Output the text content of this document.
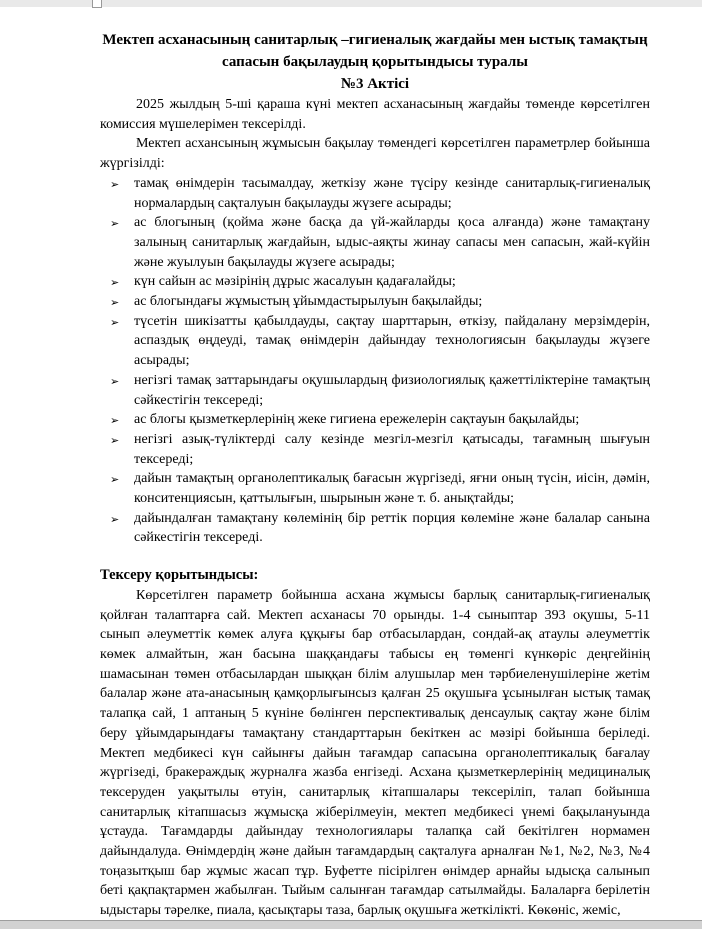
Мектеп асханасының санитарлық –гигиеналық жағдайы мен ыстық тамақтың сапасын бақылаудың қорытындысы туралы

№3 Актісі

2025 жылдың 5-ші қараша күні мектеп асханасының жағдайы төменде көрсетілген комиссия мүшелерімен тексерілді.

Мектеп асхансының жұмысын бақылау төмендегі көрсетілген параметрлер бойынша жүргізілді:

➢ тамақ өнімдерін тасымалдау, жеткізу және түсіру кезінде санитарлық-гигиеналық нормалардың сақталуын бақылауды жүзеге асырады;
➢ ас блогының (қойма және басқа да үй-жайларды қоса алғанда) және тамақтану залының санитарлық жағдайын, ыдыс-аяқты жинау сапасы мен сапасын, жай-күйін және жуылуын бақылауды жүзеге асырады;
➢ күн сайын ас мәзірінің дұрыс жасалуын қадағалайды;
➢ ас блогындағы жұмыстың ұйымдастырылуын бақылайды;
➢ түсетін шикізатты қабылдауды, сақтау шарттарын, өткізу, пайдалану мерзімдерін, аспаздық өңдеуді, тамақ өнімдерін дайындау технологиясын бақылауды жүзеге асырады;
➢ негізгі тамақ заттарындағы оқушылардың физиологиялық қажеттіліктеріне тамақтың сәйкестігін тексереді;
➢ ас блогы қызметкерлерінің жеке гигиена ережелерін сақтауын бақылайды;
➢ негізгі азық-түліктерді салу кезінде мезгіл-мезгіл қатысады, тағамның шығуын тексереді;
➢ дайын тамақтың органолептикалық бағасын жүргізеді, яғни оның түсін, иісін, дәмін, конситенциясын, қаттылығын, шырынын және т. б. анықтайды;
➢ дайындалған тамақтану көлемінің бір реттік порция көлеміне және балалар санына сәйкестігін тексереді.
Тексеру қорытындысы:

Көрсетілген параметр бойынша асхана жұмысы барлық санитарлық-гигиеналық қойлған талаптарға сай. Мектеп асханасы 70 орынды. 1-4 сыныптар 393 оқушы, 5-11 сынып әлеуметтік көмек алуға құқығы бар отбасылардан, сондай-ақ атаулы әлеуметтік көмек алмайтын, жан басына шаққандағы табысы ең төменгі күнкөріс деңгейінің шамасынан төмен отбасылардан шыққан білім алушылар мен тәрбиеленушілеріне жетім балалар және ата-анасының қамқорлығынсыз қалған 25 оқушыға ұсынылған ыстық тамақ талапқа сай, 1 аптаның 5 күніне бөлінген перспективалық денсаулық сақтау және білім беру ұйымдарындағы тамақтану стандарттарын бекіткен ас мәзірі бойынша беріледі. Мектеп медбикесі күн сайынғы дайын тағамдар сапасына органолептикалық бағалау жүргізеді, бракераждық журналға жазба енгізеді. Асхана қызметкерлерінің медициналық тексеруден уақытылы өтуін, санитарлық кітапшалары тексеріліп, талап бойынша санитарлық кітапшасыз жұмысқа жіберілмеуін, мектеп медбикесі үнемі бақылануында ұстауда. Тағамдарды дайындау технологиялары талапқа сай бекітілген нормамен дайындалуда. Өнімдердің және дайын тағамдардың сақталуға арналған №1, №2, №3, №4 тоңазытқыш бар жұмыс жасап тұр. Буфетте пісірілген өнімдер арнайы ыдысқа салынып беті қақпақтармен жабылған. Тыйым салынған тағамдар сатылмайды. Балаларға берілетін ыдыстары тәрелке, пиала, қасықтары таза, барлық оқушыға жеткілікті. Көкөніс, жеміс,
